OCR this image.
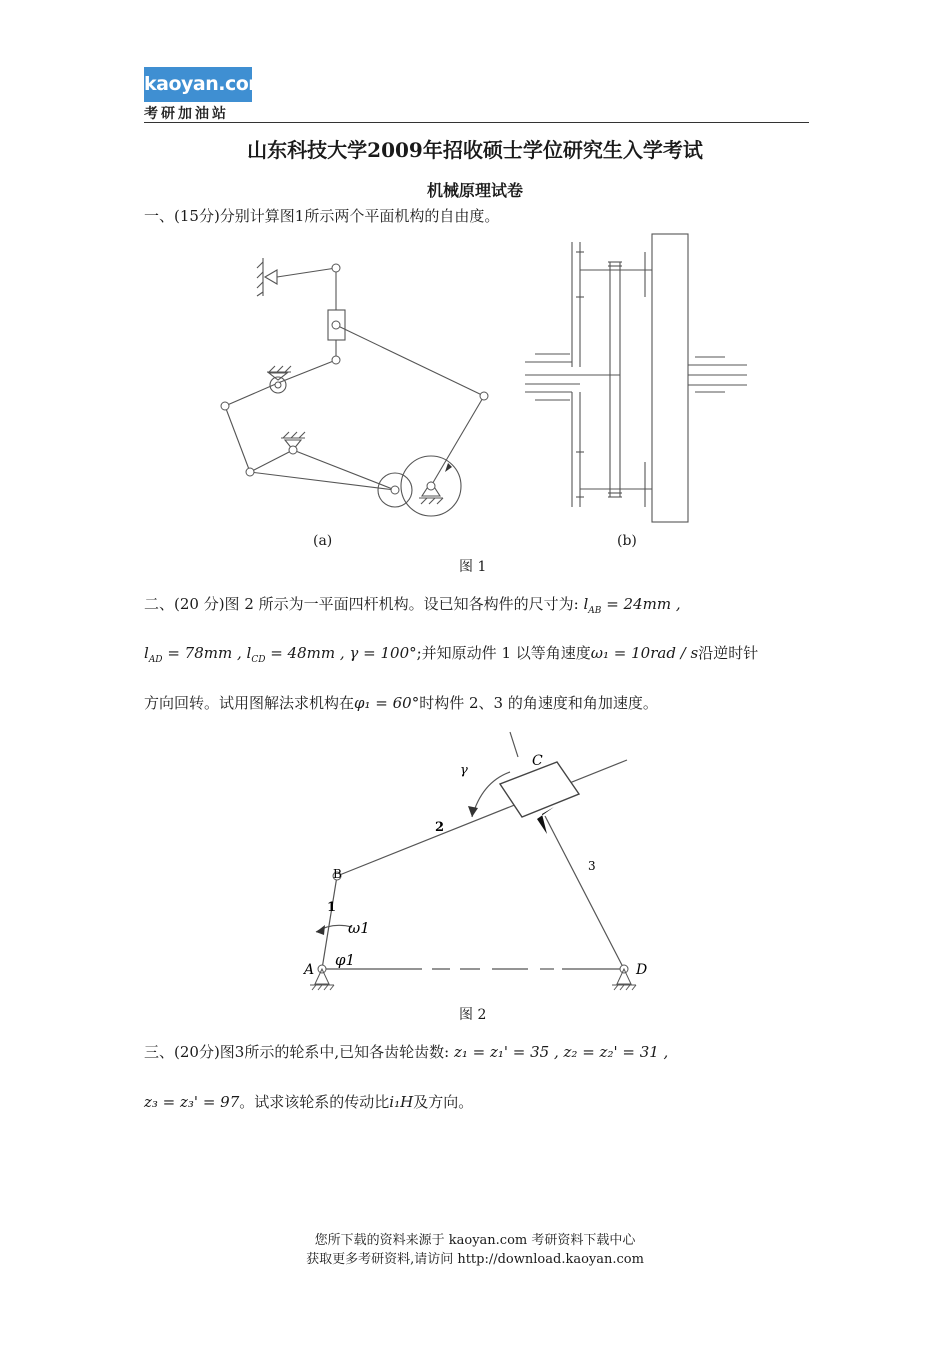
kaoyan.com
考研加油站
山东科技大学2009年招收硕士学位研究生入学考试
机械原理试卷
一、(15分)分别计算图1所示两个平面机构的自由度。
(a)	(b)
图 1
二、(20 分)图 2 所示为一平面四杆机构。设已知各构件的尺寸为: $l_{AB} = 24mm$ ,
$l_{AD} = 78mm$ , $l_{CD} = 48mm$ , γ = 100°;并知原动件 1 以等角速度ω₁ = 10rad / s沿逆时针
方向回转。试用图解法求机构在φ₁ = 60°时构件 2、3 的角速度和角加速度。
A
B
C
D
1
2
3
γ
ω1
φ1
图 2
三、(20分)图3所示的轮系中,已知各齿轮齿数: z₁ = z₁' = 35 , z₂ = z₂' = 31 ,
z₃ = z₃' = 97。试求该轮系的传动比i₁H及方向。
您所下载的资料来源于 kaoyan.com 考研资料下载中心
获取更多考研资料,请访问 http://download.kaoyan.com
